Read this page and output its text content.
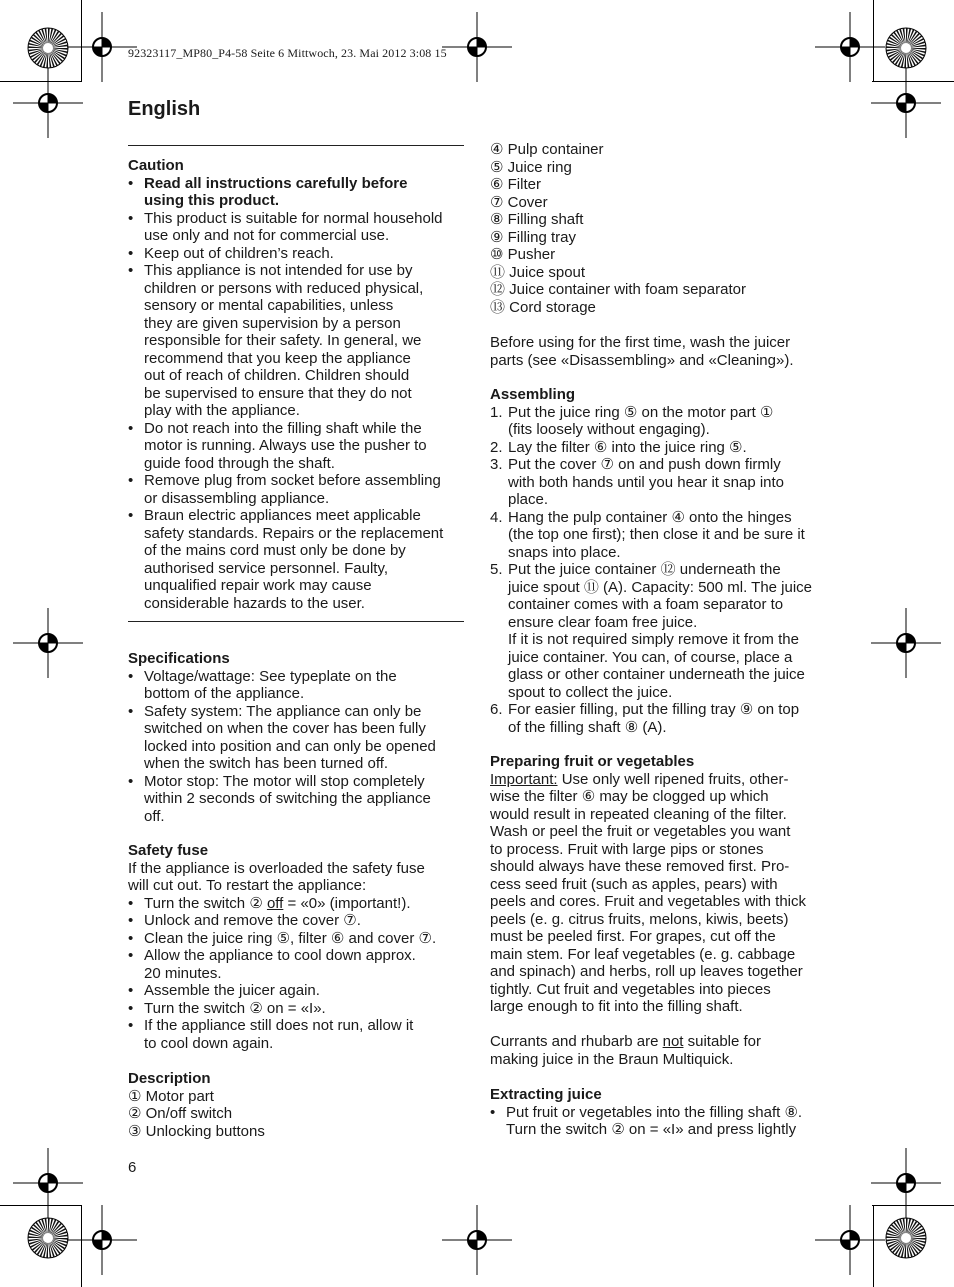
92323117_MP80_P4-58 Seite 6 Mittwoch, 23. Mai 2012 3:08 15
English
Caution
• Read all instructions carefully before
using this product.
• This product is suitable for normal household
use only and not for commercial use.
• Keep out of children’s reach.
• This appliance is not intended for use by
children or persons with reduced physical,
sensory or mental capabilities, unless
they are given supervision by a person
responsible for their safety. In general, we
recommend that you keep the appliance
out of reach of children. Children should
be supervised to ensure that they do not
play with the appliance.
• Do not reach into the filling shaft while the
motor is running. Always use the pusher to
guide food through the shaft.
• Remove plug from socket before assembling
or disassembling appliance.
• Braun electric appliances meet applicable
safety standards. Repairs or the replacement
of the mains cord must only be done by
authorised service personnel. Faulty,
unqualified repair work may cause
considerable hazards to the user.
Specifications
• Voltage/wattage: See typeplate on the
bottom of the appliance.
• Safety system: The appliance can only be
switched on when the cover has been fully
locked into position and can only be opened
when the switch has been turned off.
• Motor stop: The motor will stop completely
within 2 seconds of switching the appliance
off.
Safety fuse
If the appliance is overloaded the safety fuse
will cut out. To restart the appliance:
• Turn the switch ② off = «0» (important!).
• Unlock and remove the cover ⑦.
• Clean the juice ring ⑤, filter ⑥ and cover ⑦.
• Allow the appliance to cool down approx.
20 minutes.
• Assemble the juicer again.
• Turn the switch ② on = «I».
• If the appliance still does not run, allow it
to cool down again.
Description
① Motor part
② On/off switch
③ Unlocking buttons
④ Pulp container
⑤ Juice ring
⑥ Filter
⑦ Cover
⑧ Filling shaft
⑨ Filling tray
⑩ Pusher
⑪ Juice spout
⑫ Juice container with foam separator
⑬ Cord storage
Before using for the first time, wash the juicer
parts (see «Disassembling» and «Cleaning»).
Assembling
1. Put the juice ring ⑤ on the motor part ①
(fits loosely without engaging).
2. Lay the filter ⑥ into the juice ring ⑤.
3. Put the cover ⑦ on and push down firmly
with both hands until you hear it snap into
place.
4. Hang the pulp container ④ onto the hinges
(the top one first); then close it and be sure it
snaps into place.
5. Put the juice container ⑫ underneath the
juice spout ⑪ (A). Capacity: 500 ml. The juice
container comes with a foam separator to
ensure clear foam free juice.
If it is not required simply remove it from the
juice container. You can, of course, place a
glass or other container underneath the juice
spout to collect the juice.
6. For easier filling, put the filling tray ⑨ on top
of the filling shaft ⑧ (A).
Preparing fruit or vegetables
Important: Use only well ripened fruits, other-
wise the filter ⑥ may be clogged up which
would result in repeated cleaning of the filter.
Wash or peel the fruit or vegetables you want
to process. Fruit with large pips or stones
should always have these removed first. Pro-
cess seed fruit (such as apples, pears) with
peels and cores. Fruit and vegetables with thick
peels (e. g. citrus fruits, melons, kiwis, beets)
must be peeled first. For grapes, cut off the
main stem. For leaf vegetables (e. g. cabbage
and spinach) and herbs, roll up leaves together
tightly. Cut fruit and vegetables into pieces
large enough to fit into the filling shaft.
Currants and rhubarb are not suitable for
making juice in the Braun Multiquick.
Extracting juice
• Put fruit or vegetables into the filling shaft ⑧.
Turn the switch ② on = «I» and press lightly
6
